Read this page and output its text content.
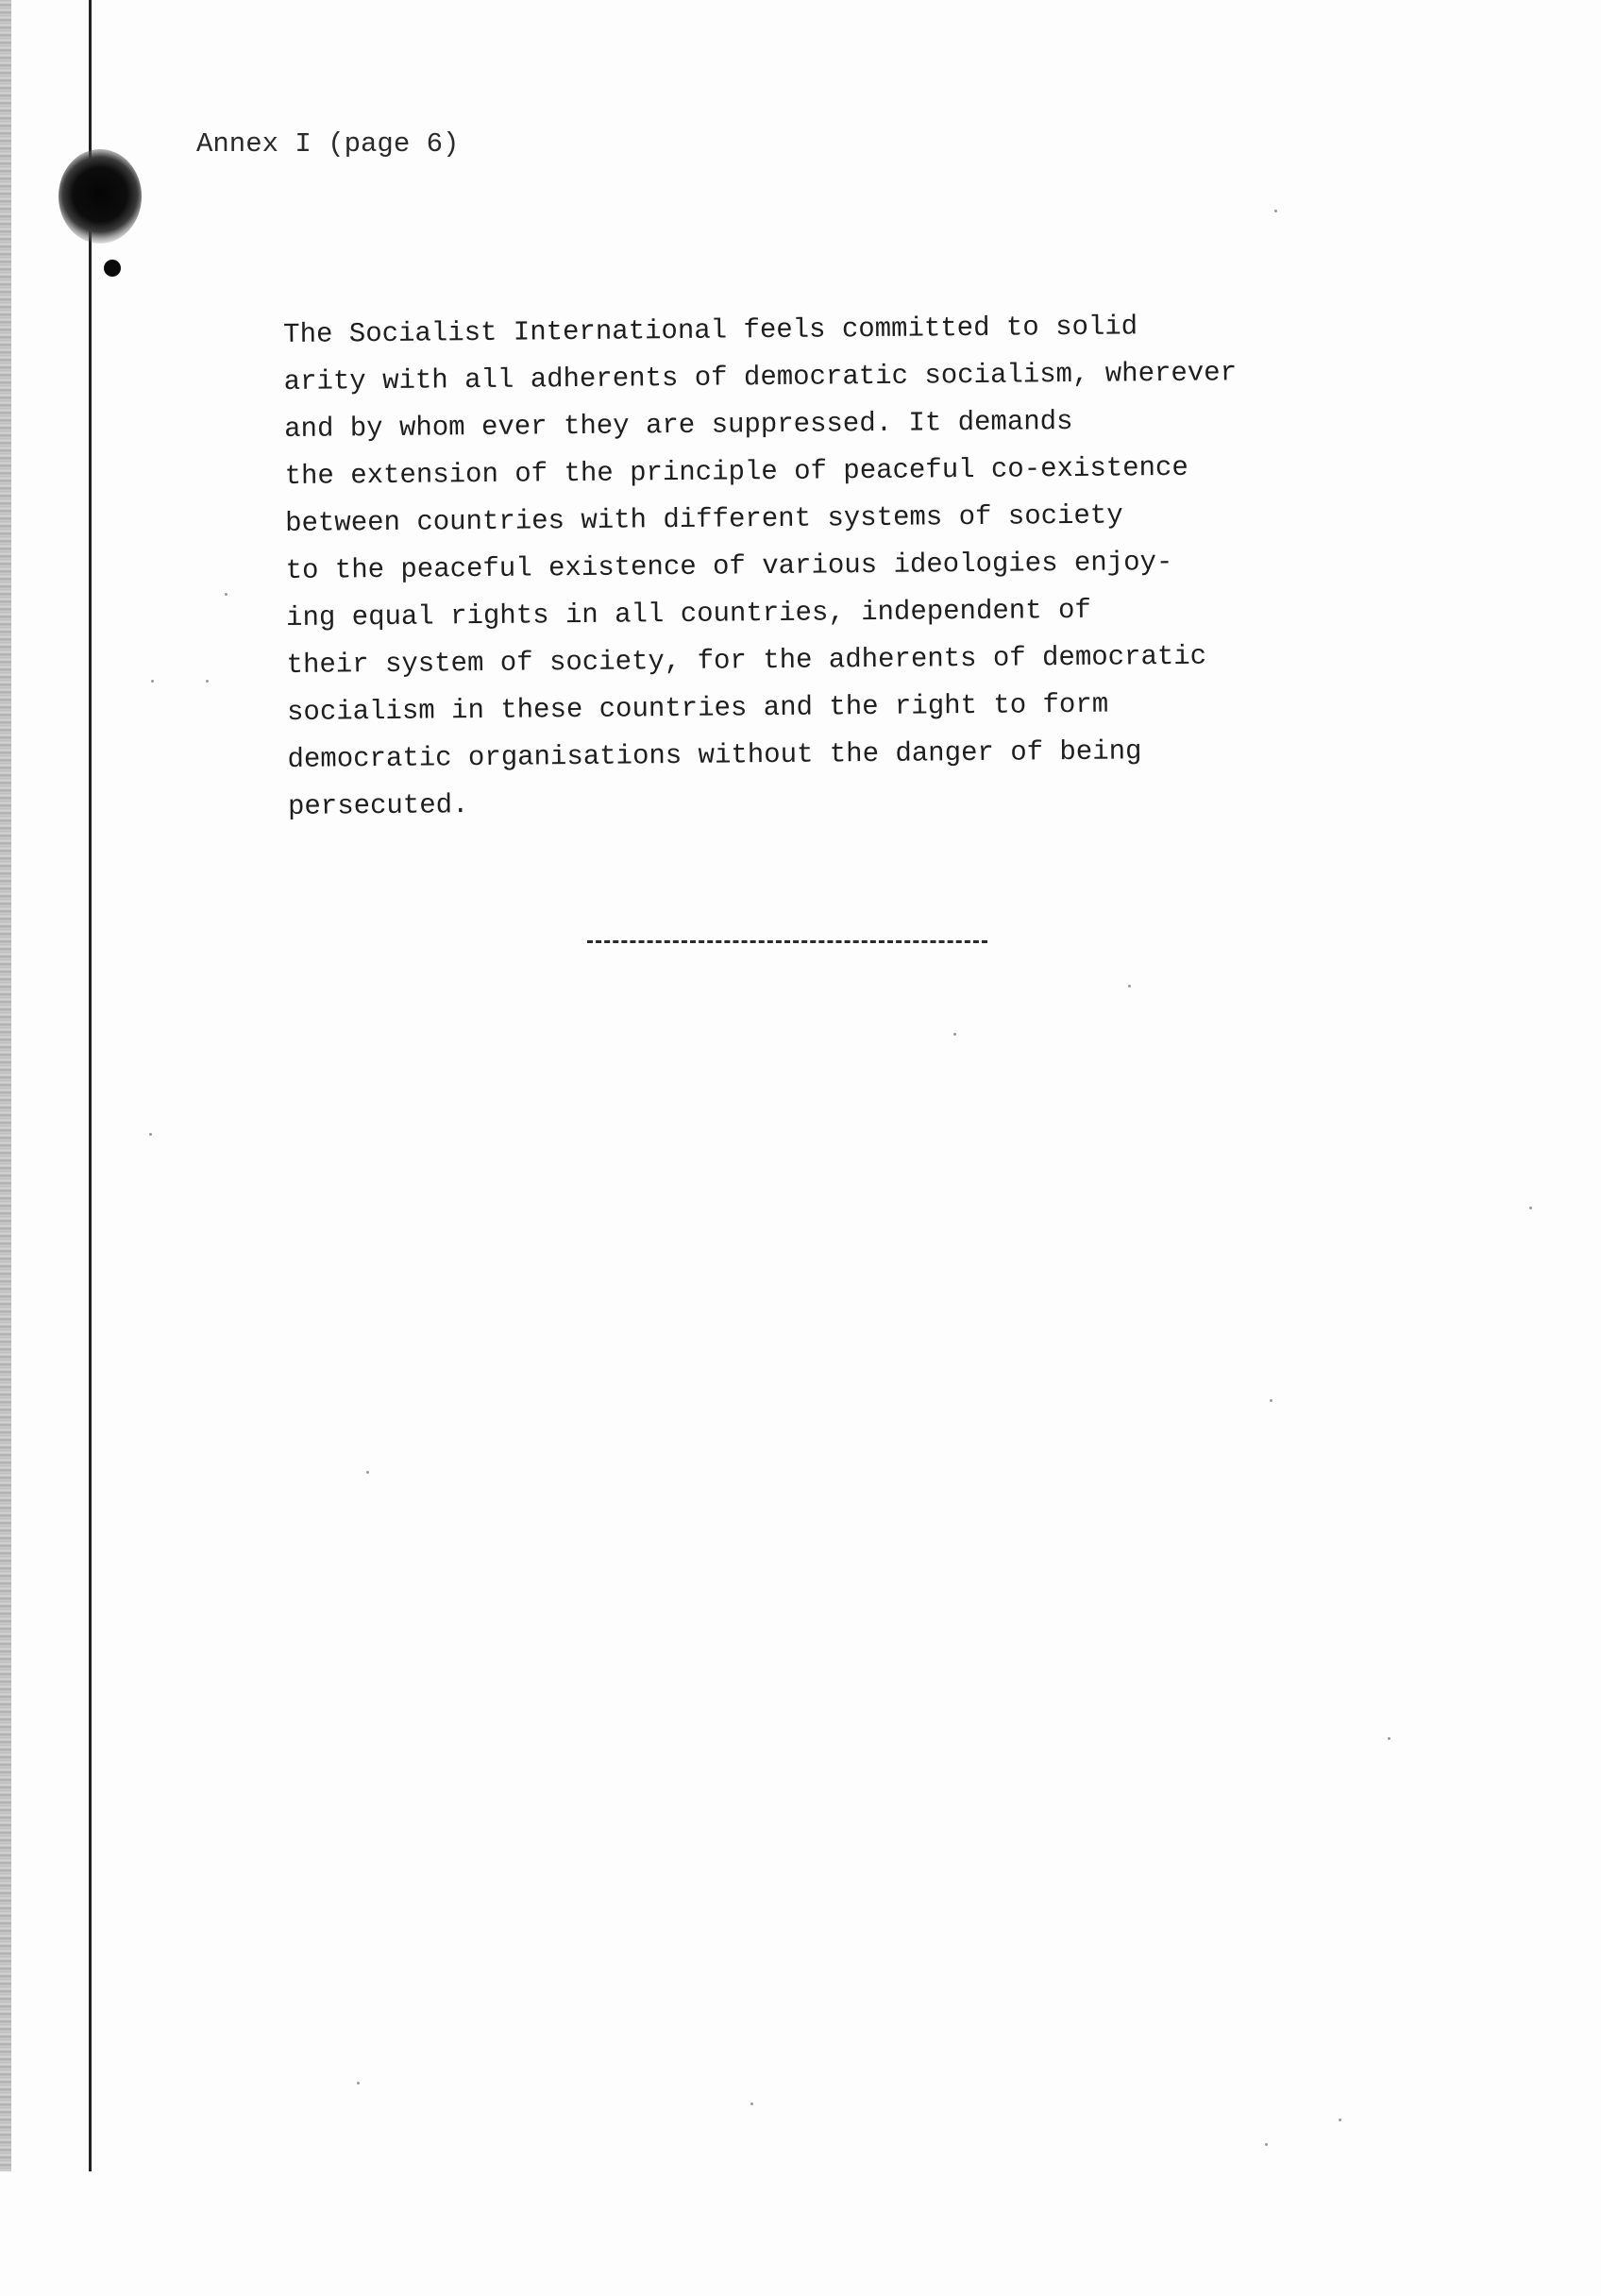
Annex I (page 6)
The Socialist International feels committed to solid
arity with all adherents of democratic socialism, wherever
and by whom ever they are suppressed. It demands
the extension of the principle of peaceful co-existence
between countries with different systems of society
to the peaceful existence of various ideologies enjoy-
ing equal rights in all countries, independent of
their system of society, for the adherents of democratic
socialism in these countries and the right to form
democratic organisations without the danger of being
persecuted.
